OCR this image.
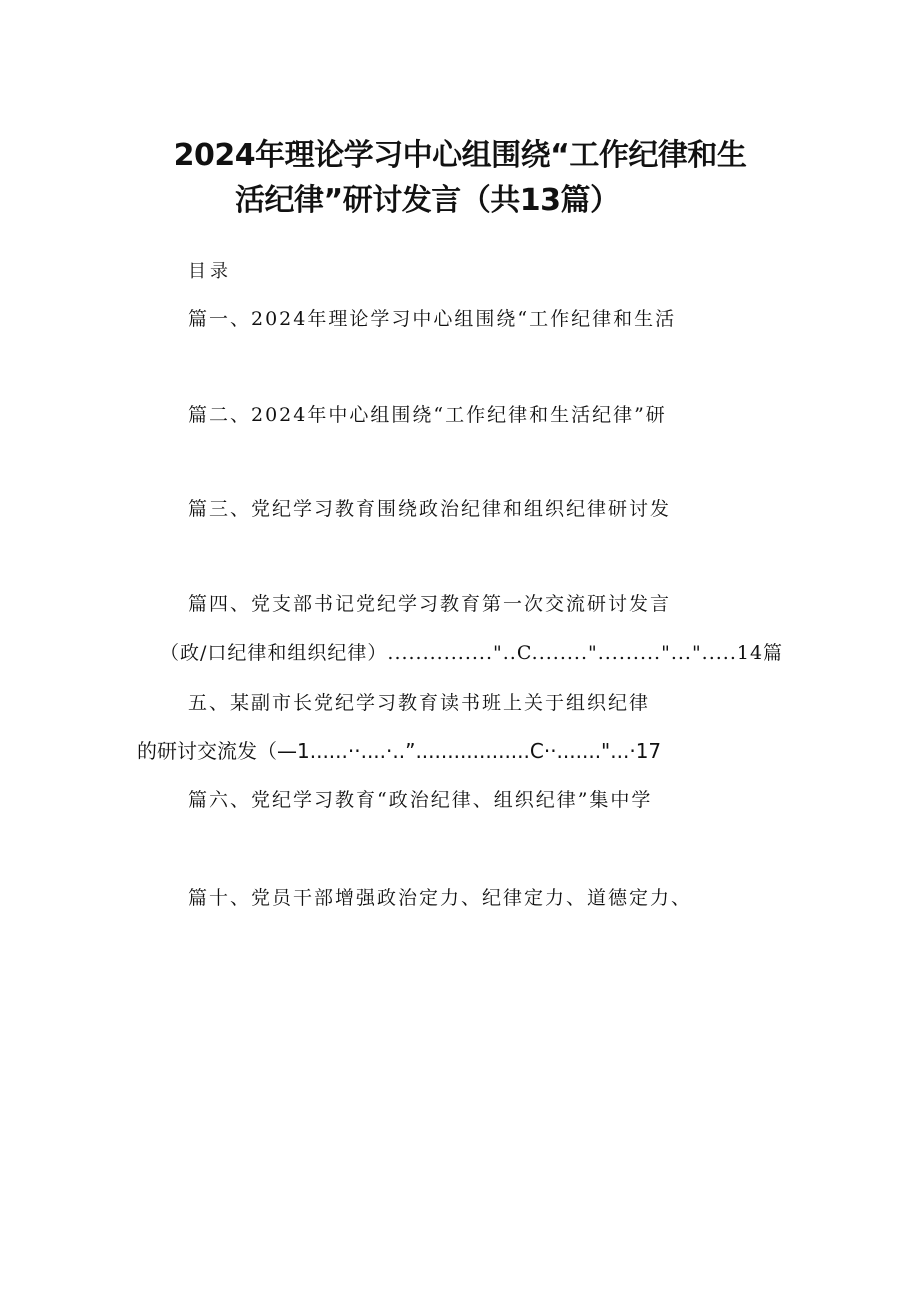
2024年理论学习中心组围绕“工作纪律和生
活纪律”研讨发言（共13篇）
目录
篇一、2024年理论学习中心组围绕“工作纪律和生活
篇二、2024年中心组围绕“工作纪律和生活纪律”研
篇三、党纪学习教育围绕政治纪律和组织纪律研讨发
篇四、党支部书记党纪学习教育第一次交流研讨发言
（政/口纪律和组织纪律）..............."..C........"........."...".....14篇
五、某副市长党纪学习教育读书班上关于组织纪律
的研讨交流发（—1......··....·..”..................C··......."...·17
篇六、党纪学习教育“政治纪律、组织纪律”集中学
篇十、党员干部增强政治定力、纪律定力、道德定力、
